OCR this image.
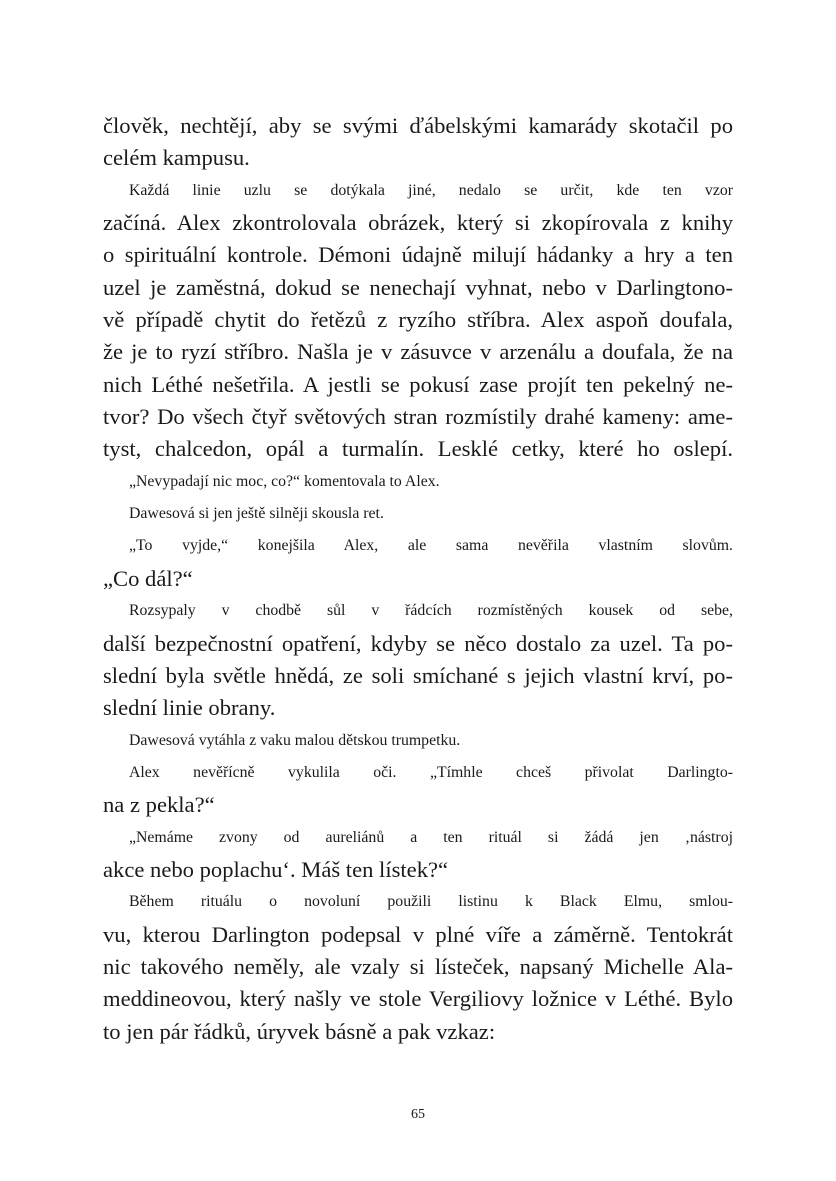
člověk, nechtějí, aby se svými ďábelskými kamarády skotačil po
celém kampusu.
Každá linie uzlu se dotýkala jiné, nedalo se určit, kde ten vzor
začíná. Alex zkontrolovala obrázek, který si zkopírovala z knihy
o spirituální kontrole. Démoni údajně milují hádanky a hry a ten
uzel je zaměstná, dokud se nenechají vyhnat, nebo v Darlingtono-
vě případě chytit do řetězů z ryzího stříbra. Alex aspoň doufala,
že je to ryzí stříbro. Našla je v zásuvce v arzenálu a doufala, že na
nich Léthé nešetřila. A jestli se pokusí zase projít ten pekelný ne-
tvor? Do všech čtyř světových stran rozmístily drahé kameny: ame-
tyst, chalcedon, opál a turmalín. Lesklé cetky, které ho oslepí.
„Nevypadají nic moc, co?“ komentovala to Alex.
Dawesová si jen ještě silněji skousla ret.
„To vyjde,“ konejšila Alex, ale sama nevěřila vlastním slovům.
„Co dál?“
Rozsypaly v chodbě sůl v řádcích rozmístěných kousek od sebe,
další bezpečnostní opatření, kdyby se něco dostalo za uzel. Ta po-
slední byla světle hnědá, ze soli smíchané s jejich vlastní krví, po-
slední linie obrany.
Dawesová vytáhla z vaku malou dětskou trumpetku.
Alex nevěřícně vykulila oči. „Tímhle chceš přivolat Darlingto-
na z pekla?“
„Nemáme zvony od aureliánů a ten rituál si žádá jen ‚nástroj
akce nebo poplachu‘. Máš ten lístek?“
Během rituálu o novoluní použili listinu k Black Elmu, smlou-
vu, kterou Darlington podepsal v plné víře a záměrně. Tentokrát
nic takového neměly, ale vzaly si lísteček, napsaný Michelle Ala-
meddineovou, který našly ve stole Vergiliovy ložnice v Léthé. Bylo
to jen pár řádků, úryvek básně a pak vzkaz:
65
